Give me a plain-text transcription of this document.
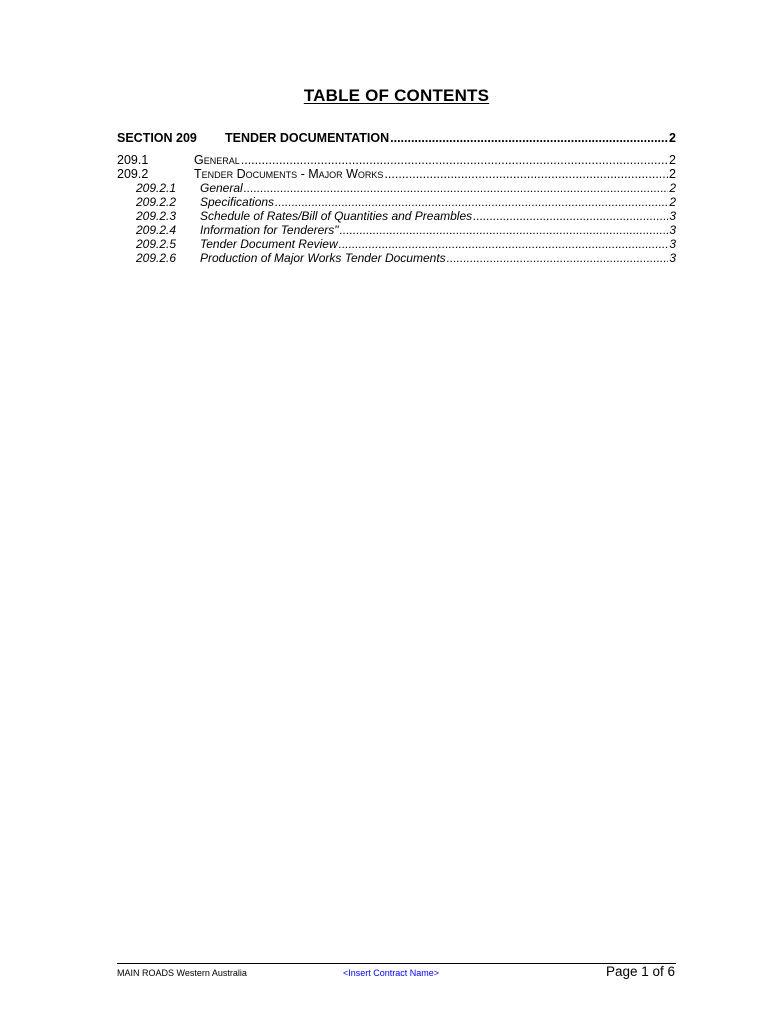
TABLE OF CONTENTS
SECTION 209	TENDER DOCUMENTATION .....	2
209.1	General .....	2
209.2	Tender Documents - Major Works .....	2
209.2.1	General .....	2
209.2.2	Specifications .....	2
209.2.3	Schedule of Rates/Bill of Quantities and Preambles .....	3
209.2.4	Information for Tenderers" .....	3
209.2.5	Tender Document Review .....	3
209.2.6	Production of Major Works Tender Documents .....	3
MAIN ROADS Western Australia	<Insert Contract Name>	Page 1 of 6
